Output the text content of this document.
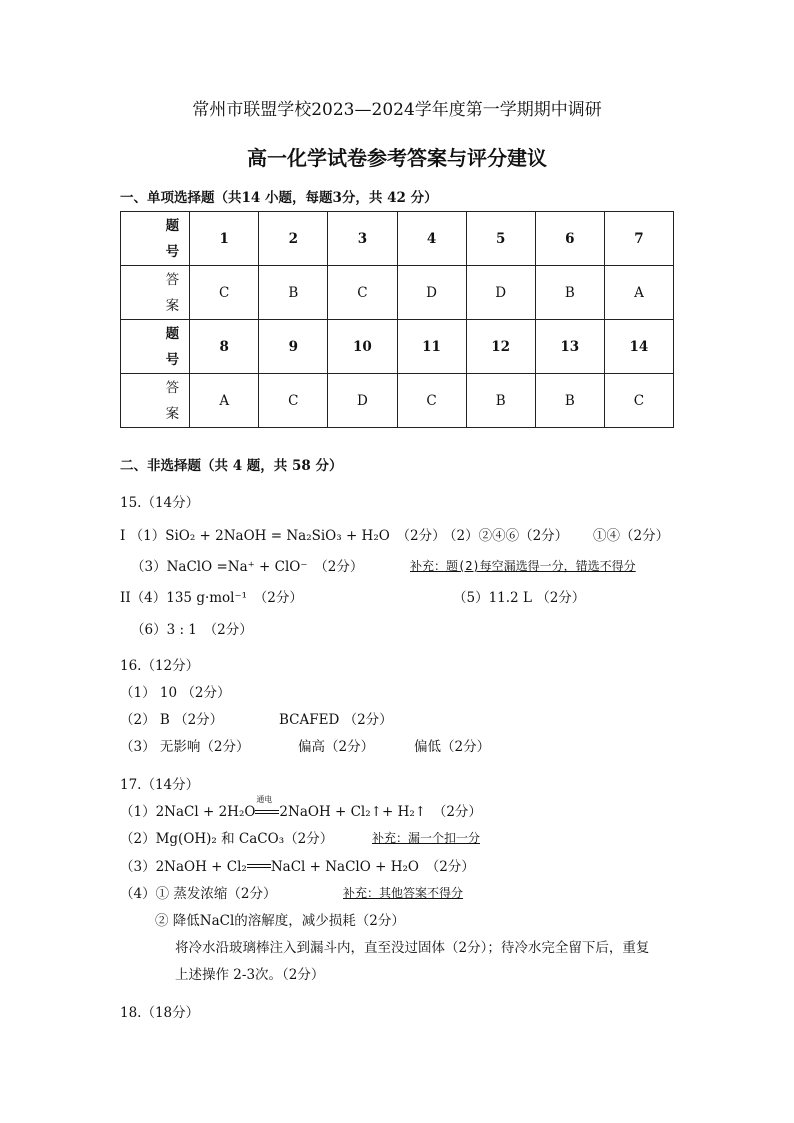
常州市联盟学校2023—2024学年度第一学期期中调研
高一化学试卷参考答案与评分建议
一、单项选择题（共14 小题，每题3分，共 42 分）
题
号	1	2	3	4	5	6	7
答
案	C	B	C	D	D	B	A
题
号	8	9	10	11	12	13	14
答
案	A	C	D	C	B	B	C
二、非选择题（共 4 题，共 58 分）
15.（14分）
I （1）SiO₂ + 2NaOH = Na₂SiO₃ + H₂O　（2分）
（2）②④⑥（2分） ①④（2分）
（3）NaClO =Na⁺ + ClO⁻　（2分）	补充：题(2)每空漏选得一分，错选不得分
II（4）135 g·mol⁻¹　（2分）	（5）11.2 L （2分）
（6）3 : 1　（2分）
16.（12分）
（1） 10 （2分）
（2） B （2分）	BCAFED （2分）
（3） 无影响（2分）	偏高（2分）	偏低（2分）
17.（14分）
（1）2NaCl + 2H₂O
通电
2NaOH + Cl₂↑+ H₂↑　（2分）
（2）Mg(OH)₂ 和 CaCO₃（2分）	补充：漏一个扣一分
（3）2NaOH + Cl₂ NaCl + NaClO + H₂O　（2分）
（4）① 蒸发浓缩（2分）	补充：其他答案不得分
② 降低NaCl的溶解度，减少损耗（2分）
将冷水沿玻璃棒注入到漏斗内，直至没过固体（2分）；待冷水完全留下后，重复
上述操作 2-3次。（2分）
18.（18分）
